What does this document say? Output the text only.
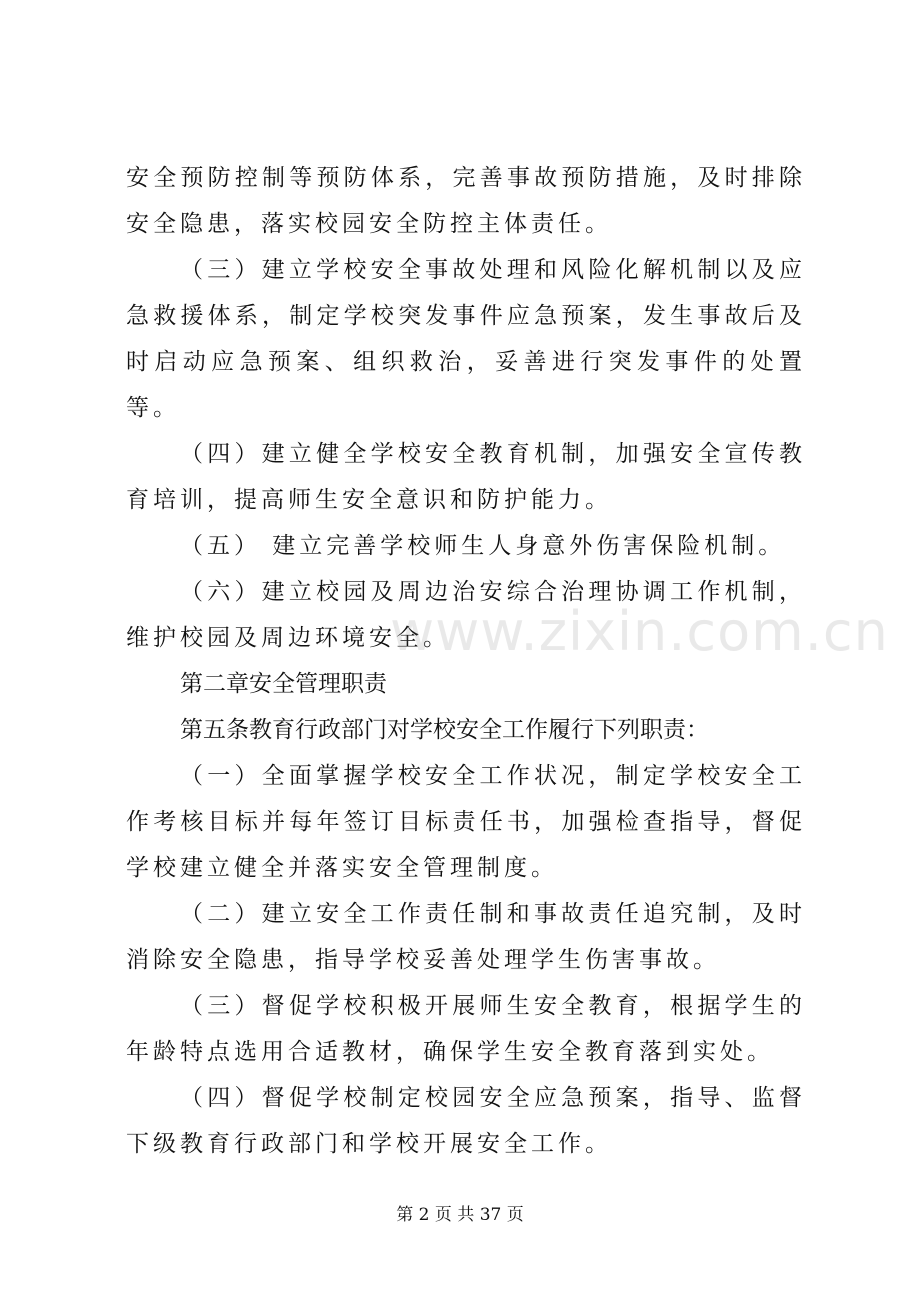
安全预防控制等预防体系，完善事故预防措施，及时排除安全隐患，落实校园安全防控主体责任。

（三）建立学校安全事故处理和风险化解机制以及应急救援体系，制定学校突发事件应急预案，发生事故后及时启动应急预案、组织救治，妥善进行突发事件的处置等。

（四）建立健全学校安全教育机制，加强安全宣传教育培训，提高师生安全意识和防护能力。

（五） 建立完善学校师生人身意外伤害保险机制。

（六）建立校园及周边治安综合治理协调工作机制，维护校园及周边环境安全。

第二章安全管理职责

第五条教育行政部门对学校安全工作履行下列职责：

（一）全面掌握学校安全工作状况，制定学校安全工作考核目标并每年签订目标责任书，加强检查指导，督促学校建立健全并落实安全管理制度。

（二）建立安全工作责任制和事故责任追究制，及时消除安全隐患，指导学校妥善处理学生伤害事故。

（三）督促学校积极开展师生安全教育，根据学生的年龄特点选用合适教材，确保学生安全教育落到实处。

（四）督促学校制定校园安全应急预案，指导、监督下级教育行政部门和学校开展安全工作。

www.zixin.com.cn
第 2 页 共 37 页
